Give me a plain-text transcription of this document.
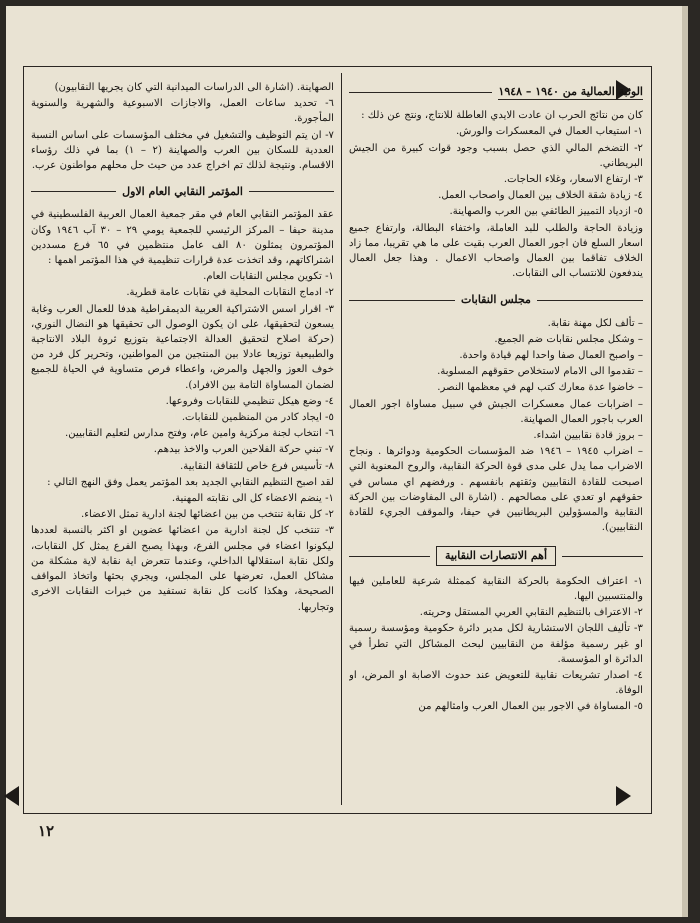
الوثبة العمالية من ١٩٤٠ – ١٩٤٨

كان من نتائج الحرب ان عادت الايدي العاطلة للانتاج، ونتج عن ذلك :

١- استيعاب العمال في المعسكرات والورش.

٢- التضخم المالي الذي حصل بسبب وجود قوات كبيرة من الجيش البريطاني.

٣- ارتفاع الاسعار، وغلاء الحاجات.

٤- زيادة شقة الخلاف بين العمال واصحاب العمل.

٥- ازدياد التمييز الطائفي بين العرب والصهاينة.

وزيادة الحاجة والطلب للبد العاملة، واختفاء البطالة، وارتفاع جميع اسعار السلع فان اجور العمال العرب بقيت على ما هي تقريبا، مما زاد الخلاف تفاقما بين العمال واصحاب الاعمال . وهذا جعل العمال يندفعون للانتساب الى النقابات.

مجلس النقابات

– تألف لكل مهنة نقابة.

– وشكل مجلس نقابات ضم الجميع.

– واصبح العمال صفا واحدا لهم قيادة واحدة.

– تقدموا الى الامام لاستخلاص حقوقهم المسلوبة.

– خاضوا عدة معارك كتب لهم في معظمها النصر.

– اضرابات عمال معسكرات الجيش في سبيل مساواة اجور العمال العرب باجور العمال الصهاينة.

– بروز قادة نقابيين اشداء.

– اضراب ١٩٤٥ – ١٩٤٦ ضد المؤسسات الحكومية ودوائرها . ونجاح الاضراب مما يدل على مدى قوة الحركة النقابية، والروح المعنوية التي اصبحت للقادة النقابيين وثقتهم بانفسهم . ورفضهم اي مساس في حقوقهم او تعدي على مصالحهم . (اشارة الى المفاوضات بين الحركة النقابية والمسؤولين البريطانيين في حيفا، والموقف الجريء للقادة النقابيين).

أهم الانتصارات النقابية

١- اعتراف الحكومة بالحركة النقابية كممثلة شرعية للعاملين فيها والمنتسبين اليها.

٢- الاعتراف بالتنظيم النقابي العربي المستقل وحريته.

٣- تأليف اللجان الاستشارية لكل مدير دائرة حكومية ومؤسسة رسمية او غير رسمية مؤلفة من النقابيين لبحث المشاكل التي تطرأ في الدائرة او المؤسسة.

٤- اصدار تشريعات نقابية للتعويض عند حدوث الاصابة او المرض، او الوفاة.

٥- المساواة في الاجور بين العمال العرب وامثالهم من

الصهاينة. (اشارة الى الدراسات الميدانية التي كان يجريها النقابيون)

٦- تحديد ساعات العمل، والاجازات الاسبوعية والشهرية والسنوية المأجورة.

٧- ان يتم التوظيف والتشغيل في مختلف المؤسسات على اساس النسبة العددية للسكان بين العرب والصهاينة (٢ – ١) بما في ذلك رؤساء الاقسام. ونتيجة لذلك تم اخراج عدد من حيث حل محلهم مواطنون عرب.

المؤتمر النقابي العام الاول

عقد المؤتمر النقابي العام في مقر جمعية العمال العربية الفلسطينية في مدينة حيفا – المركز الرئيسي للجمعية يومي ٢٩ – ٣٠ آب ١٩٤٦ وكان المؤتمرون يمثلون ٨٠ الف عامل منتظمين في ٦٥ فرع مسددين اشتراكاتهم، وقد اتخذت عدة قرارات تنظيمية في هذا المؤتمر اهمها :

١- تكوين مجلس النقابات العام.

٢- ادماج النقابات المحلية في نقابات عامة قطرية.

٣- اقرار اسس الاشتراكية العربية الديمقراطية هدفا للعمال العرب وغاية يسعون لتحقيقها، على ان يكون الوصول الى تحقيقها هو النضال النوري، (حركة اصلاح لتحقيق العدالة الاجتماعية بتوزيع ثروة البلاد الانتاجية والطبيعية توزيعا عادلا بين المنتجين من المواطنين، وتحرير كل فرد من خوف العوز والجهل والمرض، واعطاء فرص متساوية في الحياة للجميع لضمان المساواة التامة بين الافراد).

٤- وضع هيكل تنظيمي للنقابات وفروعها.

٥- ايجاد كادر من المنظمين للنقابات.

٦- انتخاب لجنة مركزية وامين عام، وفتح مدارس لتعليم النقابيين.

٧- تبني حركة الفلاحين العرب والاخذ بيدهم.

٨- تأسيس فرع خاص للثقافة النقابية.

لقد اصبح التنظيم النقابي الجديد بعد المؤتمر يعمل وفق النهج التالي :

١- ينضم الاعضاء كل الى نقابته المهنية.

٢- كل نقابة تنتخب من بين اعضائها لجنة ادارية تمثل الاعضاء.

٣- تنتخب كل لجنة ادارية من اعضائها عضوين او اكثر بالنسبة لعددها ليكونوا اعضاء في مجلس الفرع، وبهذا يصبح الفرع يمثل كل النقابات، ولكل نقابة استقلالها الداخلي، وعندما تتعرض اية نقابة لاية مشكلة من مشاكل العمل، تعرضها على المجلس، ويجري بحثها واتخاذ المواقف الصحيحة، وهكذا كانت كل نقابة تستفيد من خبرات النقابات الاخرى وتجاربها.

١٢
